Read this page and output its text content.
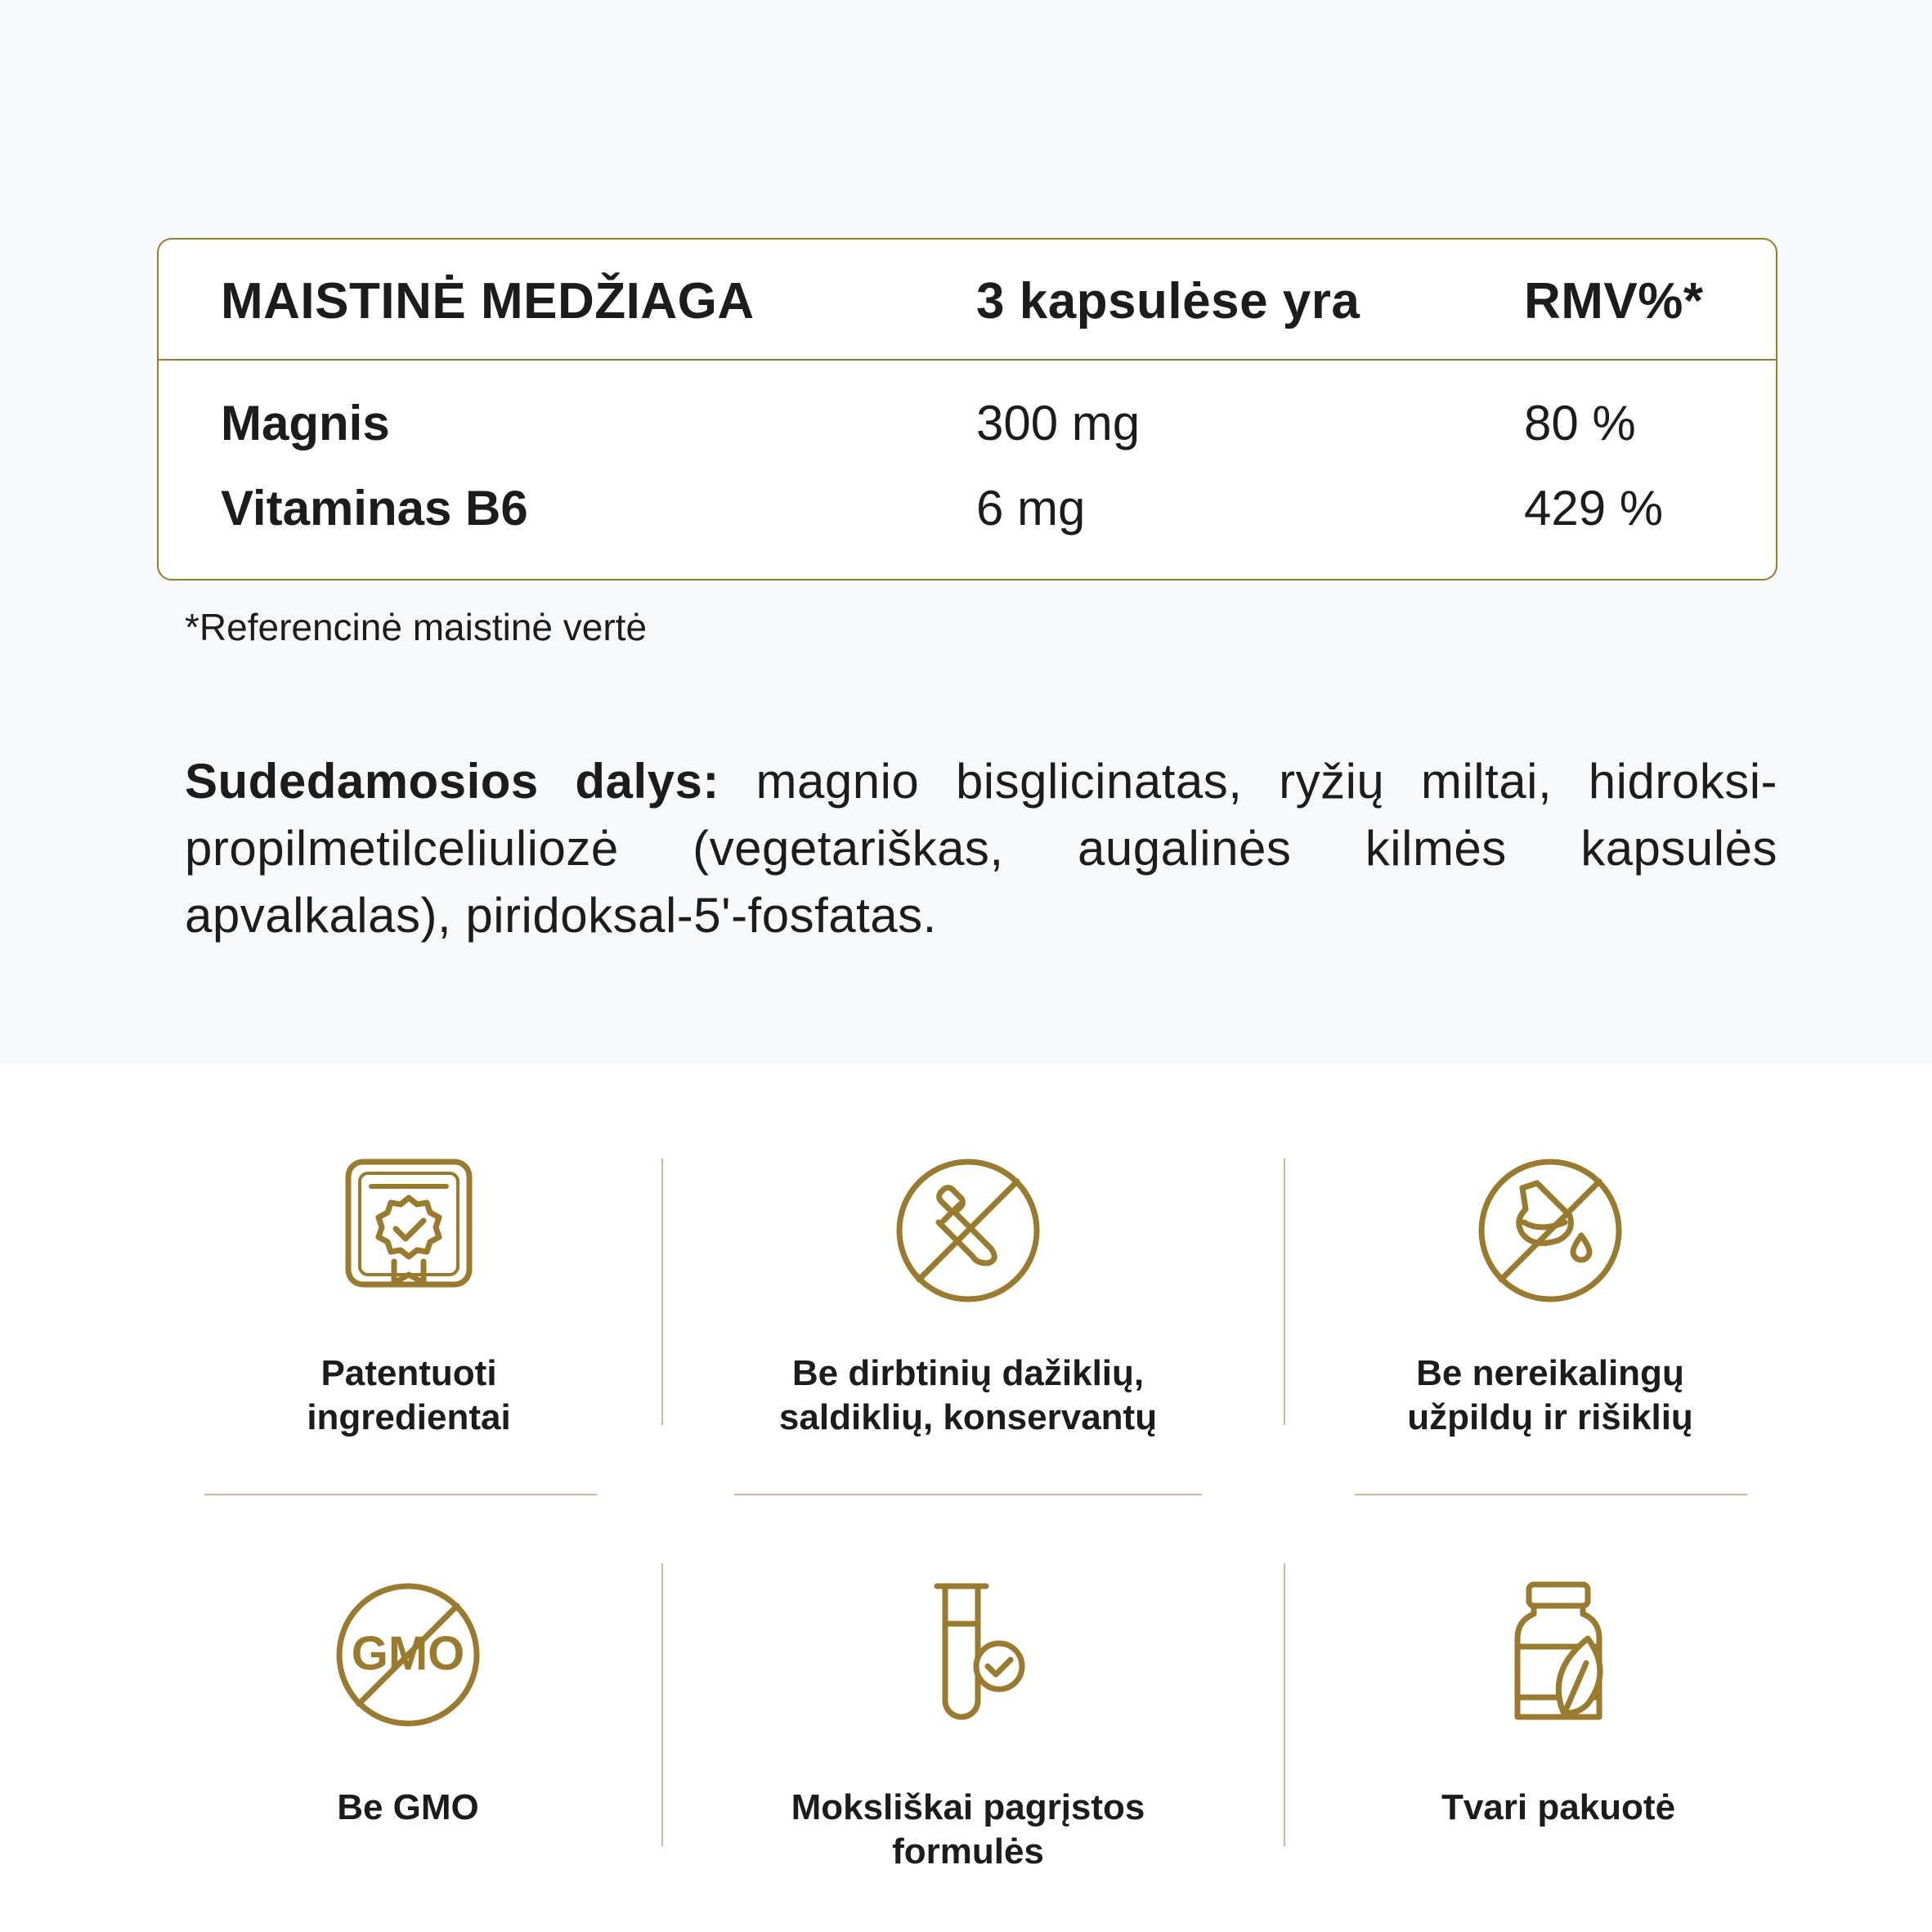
MAISTINĖ MEDŽIAGA	3 kapsulėse yra	RMV%*
Magnis	300 mg	80 %
Vitaminas B6	6 mg	429 %
*Referencinė maistinė vertė
Sudedamosios dalys: magnio bisglicinatas, ryžių miltai, hidroksi-propilmetilceliuliozė (vegetariškas, augalinės kilmės kapsulės apvalkalas), piridoksal-5ʹ-fosfatas.
Patentuoti
ingredientai
Be dirbtinių dažiklių,
saldiklių, konservantų
Be nereikalingų
užpildų ir rišiklių
GMO
Be GMO	Moksliškai pagrįstos
formulės
Tvari pakuotė
